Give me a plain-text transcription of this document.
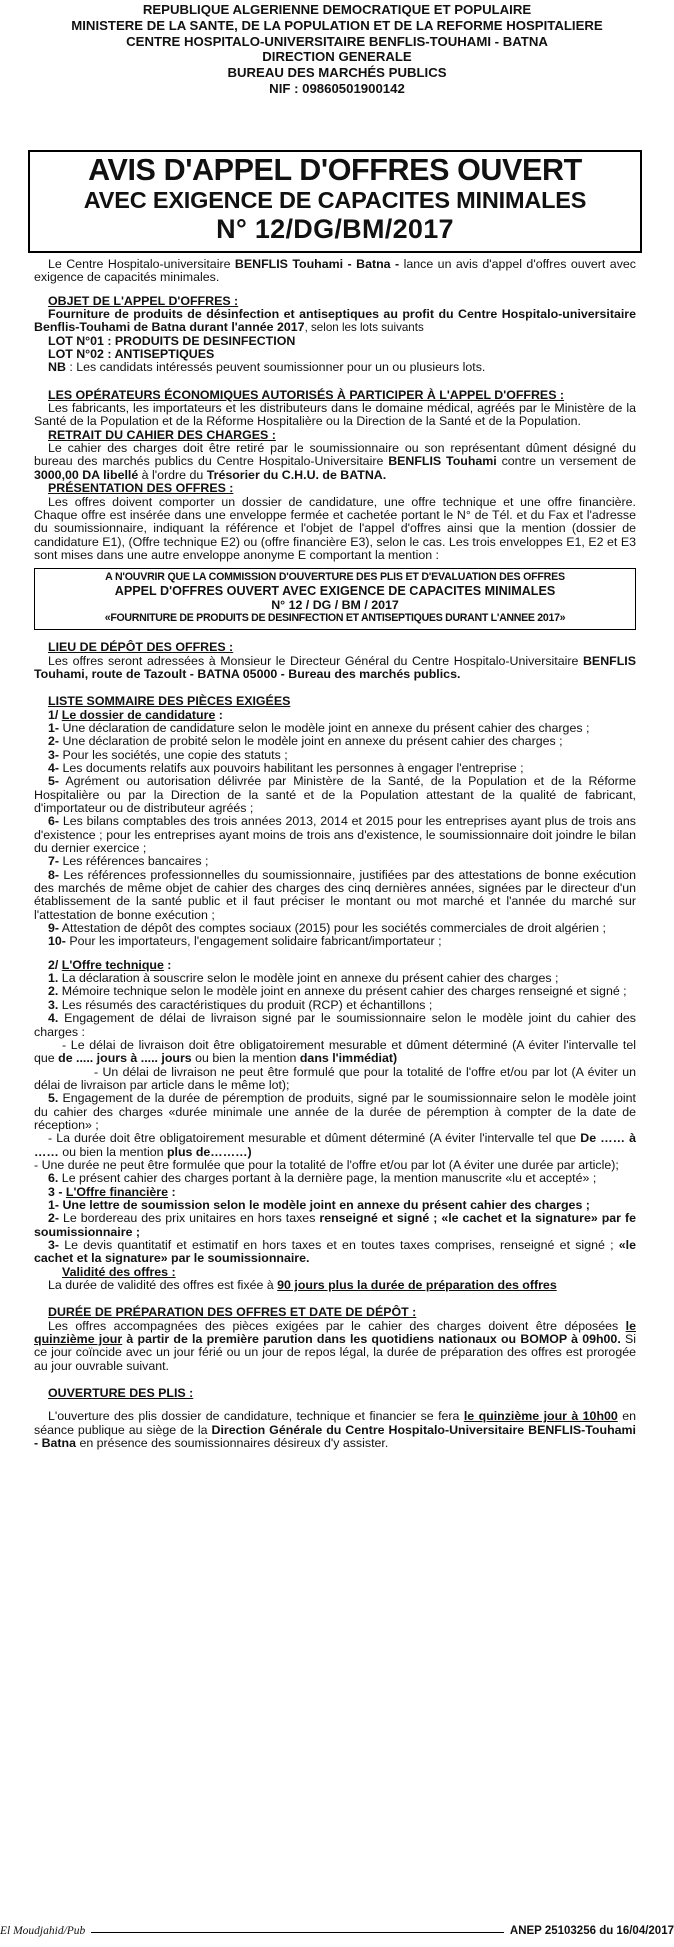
REPUBLIQUE ALGERIENNE DEMOCRATIQUE ET POPULAIRE
MINISTERE DE LA SANTE, DE LA POPULATION ET DE LA REFORME HOSPITALIERE
CENTRE HOSPITALO-UNIVERSITAIRE BENFLIS-TOUHAMI - BATNA
DIRECTION GENERALE
BUREAU DES MARCHÉS PUBLICS
NIF : 09860501900142
AVIS D'APPEL D'OFFRES OUVERT
AVEC EXIGENCE DE CAPACITES MINIMALES
N° 12/DG/BM/2017

Le Centre Hospitalo-universitaire BENFLIS Touhami - Batna - lance un avis d'appel d'offres ouvert avec exigence de capacités minimales.

OBJET DE L'APPEL D'OFFRES :

Fourniture de produits de désinfection et antiseptiques au profit du Centre Hospitalo-universitaire Benflis-Touhami de Batna durant l'année 2017, selon les lots suivants

LOT N°01 : PRODUITS DE DESINFECTION

LOT N°02 : ANTISEPTIQUES

NB : Les candidats intéressés peuvent soumissionner pour un ou plusieurs lots.

LES OPÉRATEURS ÉCONOMIQUES AUTORISÉS À PARTICIPER À L'APPEL D'OFFRES :

Les fabricants, les importateurs et les distributeurs dans le domaine médical, agréés par le Ministère de la Santé de la Population et de la Réforme Hospitalière ou la Direction de la Santé et de la Population.

RETRAIT DU CAHIER DES CHARGES :

Le cahier des charges doit être retiré par le soumissionnaire ou son représentant dûment désigné du bureau des marchés publics du Centre Hospitalo-Universitaire BENFLIS Touhami contre un versement de 3000,00 DA libellé à l'ordre du Trésorier du C.H.U. de BATNA.

PRÉSENTATION DES OFFRES :

Les offres doivent comporter un dossier de candidature, une offre technique et une offre financière. Chaque offre est insérée dans une enveloppe fermée et cachetée portant le N° de Tél. et du Fax et l'adresse du soumissionnaire, indiquant la référence et l'objet de l'appel d'offres ainsi que la mention (dossier de candidature E1), (Offre technique E2) ou (offre financière E3), selon le cas. Les trois enveloppes E1, E2 et E3 sont mises dans une autre enveloppe anonyme E comportant la mention :

A N'OUVRIR QUE LA COMMISSION D'OUVERTURE DES PLIS ET D'EVALUATION DES OFFRES
APPEL D'OFFRES OUVERT AVEC EXIGENCE DE CAPACITES MINIMALES
N° 12 / DG / BM / 2017
«FOURNITURE DE PRODUITS DE DESINFECTION ET ANTISEPTIQUES DURANT L'ANNEE 2017»

LIEU DE DÉPÔT DES OFFRES :

Les offres seront adressées à Monsieur le Directeur Général du Centre Hospitalo-Universitaire BENFLIS Touhami, route de Tazoult - BATNA 05000 - Bureau des marchés publics.

LISTE SOMMAIRE DES PIÈCES EXIGÉES

1/ Le dossier de candidature :

1- Une déclaration de candidature selon le modèle joint en annexe du présent cahier des charges ;

2- Une déclaration de probité selon le modèle joint en annexe du présent cahier des charges ;

3- Pour les sociétés, une copie des statuts ;

4- Les documents relatifs aux pouvoirs habilitant les personnes à engager l'entreprise ;

5- Agrément ou autorisation délivrée par Ministère de la Santé, de la Population et de la Réforme Hospitalière ou par la Direction de la santé et de la Population attestant de la qualité de fabricant, d'importateur ou de distributeur agréés ;

6- Les bilans comptables des trois années 2013, 2014 et 2015 pour les entreprises ayant plus de trois ans d'existence ; pour les entreprises ayant moins de trois ans d'existence, le soumissionnaire doit joindre le bilan du dernier exercice ;

7- Les références bancaires ;

8- Les références professionnelles du soumissionnaire, justifiées par des attestations de bonne exécution des marchés de même objet de cahier des charges des cinq dernières années, signées par le directeur d'un établissement de la santé public et il faut préciser le montant ou mot marché et l'année du marché sur l'attestation de bonne exécution ;

9- Attestation de dépôt des comptes sociaux (2015) pour les sociétés commerciales de droit algérien ;

10- Pour les importateurs, l'engagement solidaire fabricant/importateur ;

2/ L'Offre technique :

1. La déclaration à souscrire selon le modèle joint en annexe du présent cahier des charges ;

2. Mémoire technique selon le modèle joint en annexe du présent cahier des charges renseigné et signé ;

3. Les résumés des caractéristiques du produit (RCP) et échantillons ;

4. Engagement de délai de livraison signé par le soumissionnaire selon le modèle joint du cahier des charges :

- Le délai de livraison doit être obligatoirement mesurable et dûment déterminé (A éviter l'intervalle tel que de ..... jours à ..... jours ou bien la mention dans l'immédiat)

- Un délai de livraison ne peut être formulé que pour la totalité de l'offre et/ou par lot (A éviter un délai de livraison par article dans le même lot);

5. Engagement de la durée de péremption de produits, signé par le soumissionnaire selon le modèle joint du cahier des charges «durée minimale une année de la durée de péremption à compter de la date de réception» ;

- La durée doit être obligatoirement mesurable et dûment déterminé (A éviter l'intervalle tel que De …… à …… ou bien la mention plus de………)

- Une durée ne peut être formulée que pour la totalité de l'offre et/ou par lot (A éviter une durée par article);

6. Le présent cahier des charges portant à la dernière page, la mention manuscrite «lu et accepté» ;

3 - L'Offre financière :

1- Une lettre de soumission selon le modèle joint en annexe du présent cahier des charges ;

2- Le bordereau des prix unitaires en hors taxes renseigné et signé ; «le cachet et la signature» par fe soumissionnaire ;

3- Le devis quantitatif et estimatif en hors taxes et en toutes taxes comprises, renseigné et signé ; «le cachet et la signature» par le soumissionnaire.

Validité des offres :

La durée de validité des offres est fixée à 90 jours plus la durée de préparation des offres

DURÉE DE PRÉPARATION DES OFFRES ET DATE DE DÉPÔT :

Les offres accompagnées des pièces exigées par le cahier des charges doivent être déposées le quinzième jour à partir de la première parution dans les quotidiens nationaux ou BOMOP à 09h00. Si ce jour coïncide avec un jour férié ou un jour de repos légal, la durée de préparation des offres est prorogée au jour ouvrable suivant.

OUVERTURE DES PLIS :

L'ouverture des plis dossier de candidature, technique et financier se fera le quinzième jour à 10h00 en séance publique au siège de la Direction Générale du Centre Hospitalo-Universitaire BENFLIS-Touhami - Batna en présence des soumissionnaires désireux d'y assister.

El Moudjahid/Pub	ANEP 25103256 du 16/04/2017
